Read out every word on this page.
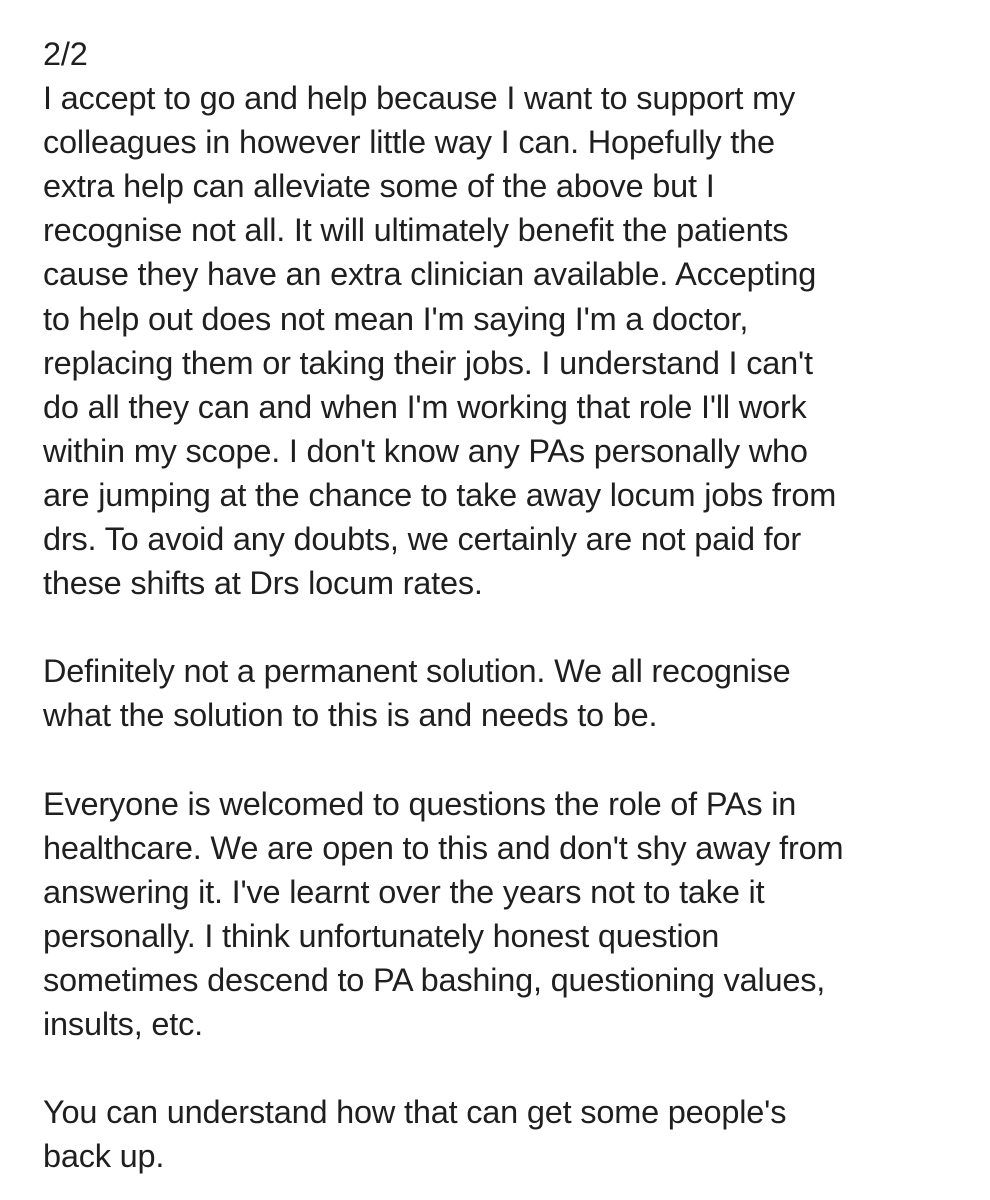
2/2
I accept to go and help because I want to support my
colleagues in however little way I can. Hopefully the
extra help can alleviate some of the above but I
recognise not all. It will ultimately benefit the patients
cause they have an extra clinician available. Accepting
to help out does not mean I'm saying I'm a doctor,
replacing them or taking their jobs. I understand I can't
do all they can and when I'm working that role I'll work
within my scope. I don't know any PAs personally who
are jumping at the chance to take away locum jobs from
drs. To avoid any doubts, we certainly are not paid for
these shifts at Drs locum rates.
Definitely not a permanent solution. We all recognise
what the solution to this is and needs to be.
Everyone is welcomed to questions the role of PAs in
healthcare. We are open to this and don't shy away from
answering it. I've learnt over the years not to take it
personally. I think unfortunately honest question
sometimes descend to PA bashing, questioning values,
insults, etc.
You can understand how that can get some people's
back up.
